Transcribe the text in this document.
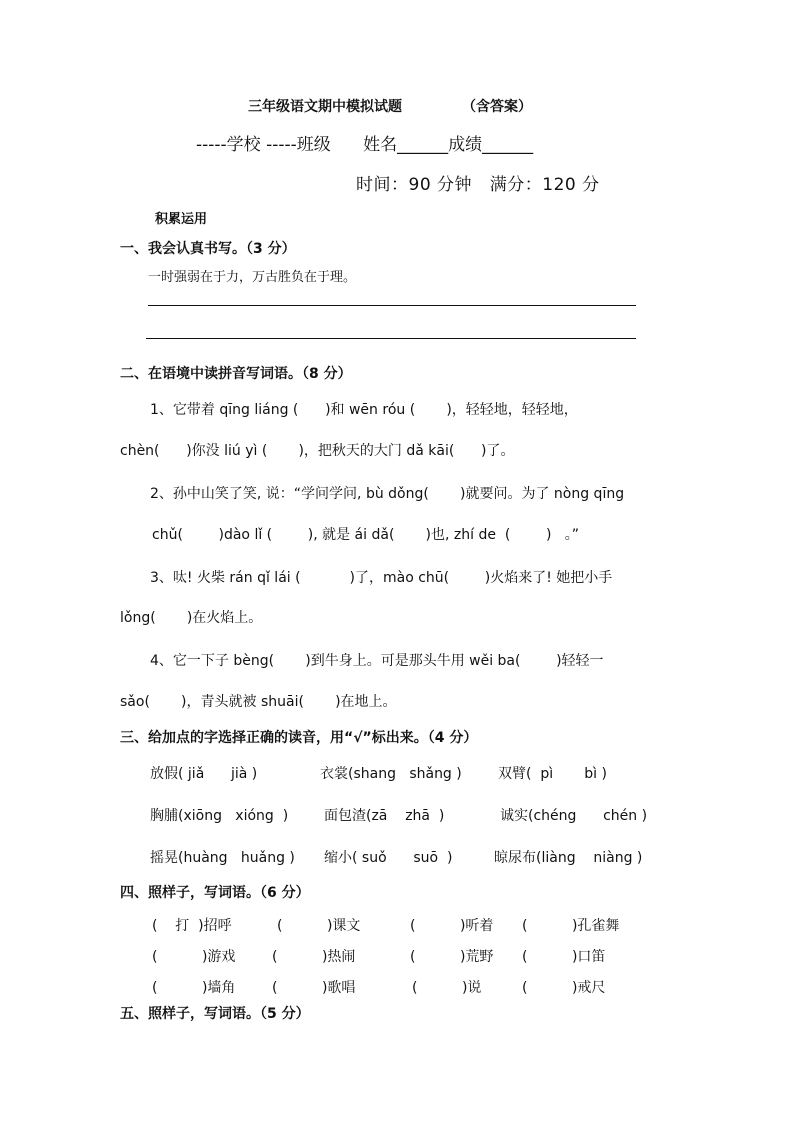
三年级语文期中模拟试题	（含答案）
-----学校 -----班级      姓名______成绩______
时间：90 分钟   满分：120 分
积累运用
一、我会认真书写。（3 分）
一时强弱在于力，万古胜负在于理。
二、在语境中读拼音写词语。（8 分）
1、它带着 qīng liáng (      )和 wēn róu (       )，轻轻地，轻轻地，
chèn(      )你没 liú yì (       )，把秋天的大门 dǎ kāi(      )了。
2、孙中山笑了笑, 说：“学问学问, bù dǒng(       )就要问。为了 nòng qīng
chǔ(        )dào lǐ (        ), 就是 ái dǎ(       )也, zhí de  (        )   。”
3、呔! 火柴 rán qǐ lái (           )了，mào chū(        )火焰来了! 她把小手
lǒng(       )在火焰上。
4、它一下子 bèng(       )到牛身上。可是那头牛用 wěi ba(        )轻轻一
sǎo(       )，青头就被 shuāi(       )在地上。
三、给加点的字选择正确的读音，用“√”标出来。（4 分）
放假( jiǎ      jià )	衣裳(shang   shǎng )	双臂(  pì       bì )
胸脯(xiōng   xióng  )	面包渣(zā    zhā  )	诚实(chéng      chén )
摇晃(huàng   huǎng ) 缩小( suǒ      suō  )	晾尿布(liàng    niàng )
四、照样子，写词语。（6 分）
(    打  )招呼	(          )课文	(          )听着 (          )孔雀舞
(          )游戏	(          )热闹	(          )荒野 (          )口笛
(          )墙角	(          )歌唱	(          )说	(          )戒尺
五、照样子，写词语。（5 分）
